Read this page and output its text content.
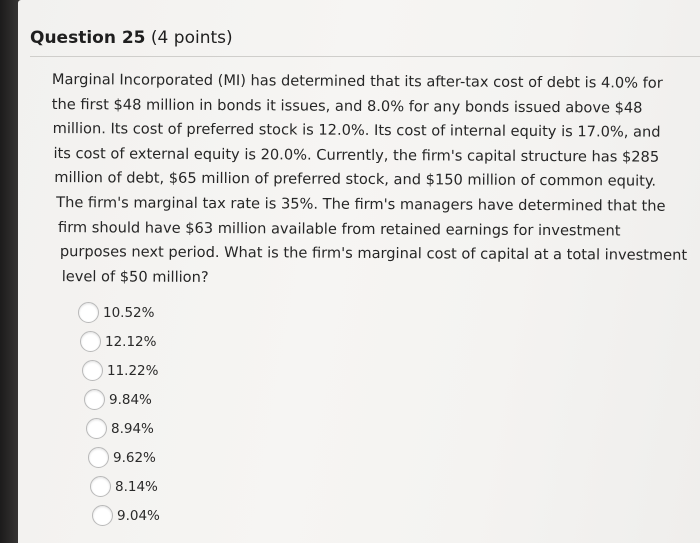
Question 25 (4 points)
Marginal Incorporated (MI) has determined that its after-tax cost of debt is 4.0% for
the first $48 million in bonds it issues, and 8.0% for any bonds issued above $48
million. Its cost of preferred stock is 12.0%. Its cost of internal equity is 17.0%, and
its cost of external equity is 20.0%. Currently, the firm's capital structure has $285
million of debt, $65 million of preferred stock, and $150 million of common equity.
The firm's marginal tax rate is 35%. The firm's managers have determined that the
firm should have $63 million available from retained earnings for investment
purposes next period. What is the firm's marginal cost of capital at a total investment
level of $50 million?
10.52%
12.12%
11.22%
9.84%
8.94%
9.62%
8.14%
9.04%
